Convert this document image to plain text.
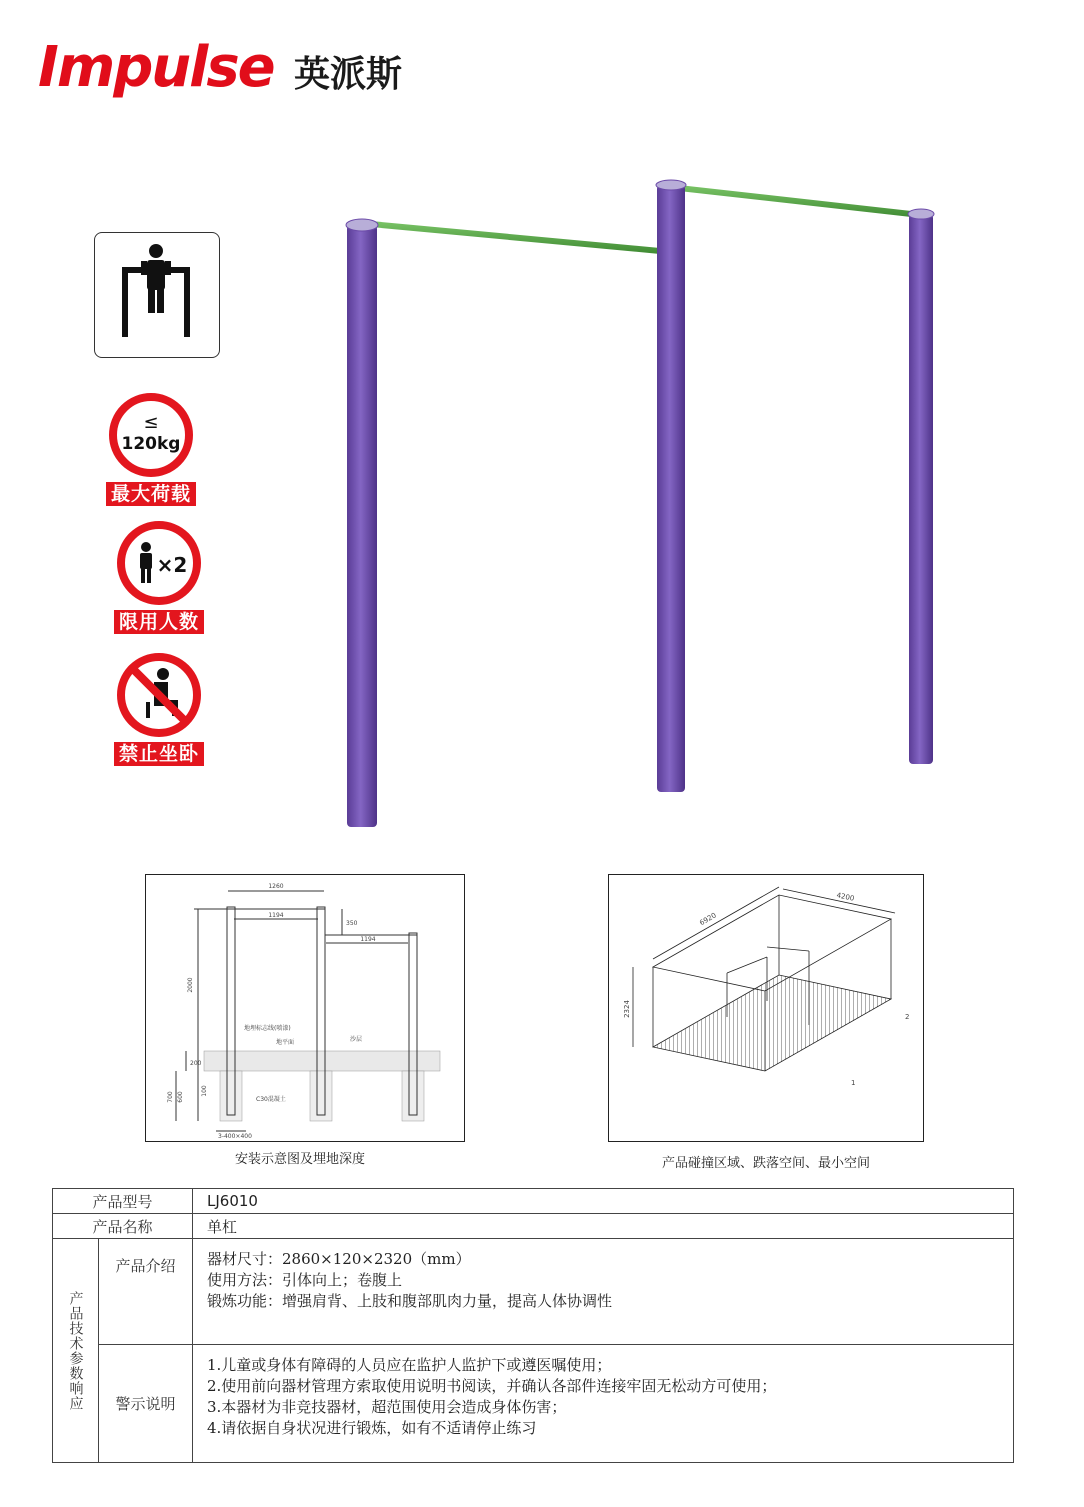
Impulse 英派斯
≤
120kg
最大荷载
×2
限用人数
禁止坐卧
1260
1194
350
1194
2000
200
700 600
100
3-400×400
地埋标志线(喷漆)
地平面	沙层
C30混凝土
安装示意图及埋地深度
6920
4200
2324	2
1
产品碰撞区域、跌落空间、最小空间
产品型号		LJ6010
产品名称		单杠

产品技术参数响应	产品介绍	器材尺寸：2860×120×2320（mm）
使用方法：引体向上；卷腹上
锻炼功能：增强肩背、上肢和腹部肌肉力量，提高人体协调性

	警示说明	1.儿童或身体有障碍的人员应在监护人监护下或遵医嘱使用；
2.使用前向器材管理方索取使用说明书阅读，并确认各部件连接牢固无松动方可使用；
3.本器材为非竞技器材，超范围使用会造成身体伤害；
4.请依据自身状况进行锻炼，如有不适请停止练习
